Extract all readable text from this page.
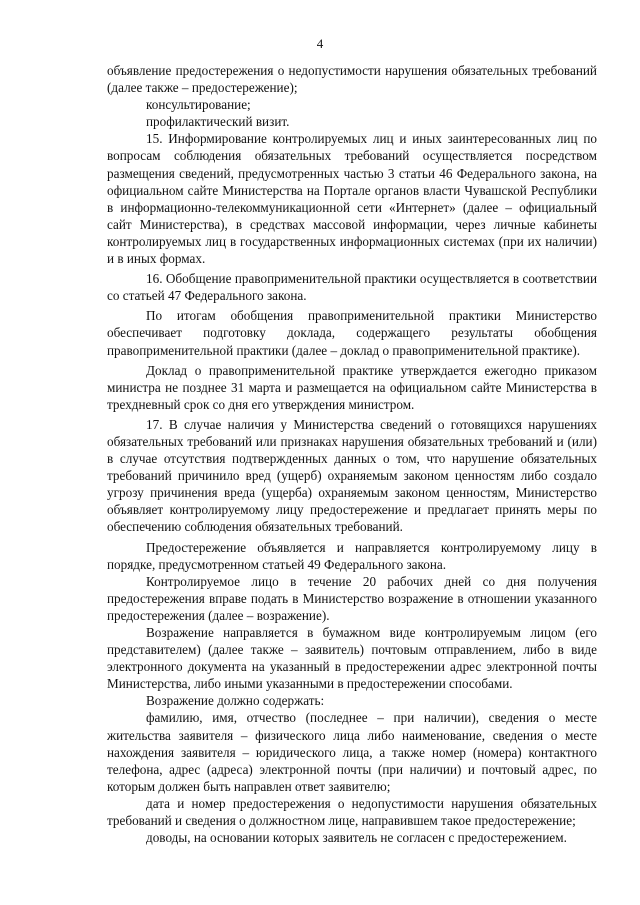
4

объявление предостережения о недопустимости нарушения обязательных требований (далее также – предостережение);

консультирование;

профилактический визит.

15. Информирование контролируемых лиц и иных заинтересованных лиц по вопросам соблюдения обязательных требований осуществляется посредством размещения сведений, предусмотренных частью 3 статьи 46 Федерального закона, на официальном сайте Министерства на Портале органов власти Чувашской Республики в информационно-телекоммуникационной сети «Интернет» (далее – официальный сайт Министерства), в средствах массовой информации, через личные кабинеты контролируемых лиц в государственных информационных системах (при их наличии) и в иных формах.

16. Обобщение правоприменительной практики осуществляется в соответствии со статьей 47 Федерального закона.

По итогам обобщения правоприменительной практики Министерство обеспечивает подготовку доклада, содержащего результаты обобщения правоприменительной практики (далее – доклад о правоприменительной практике).

Доклад о правоприменительной практике утверждается ежегодно приказом министра не позднее 31 марта и размещается на официальном сайте Министерства в трехдневный срок со дня его утверждения министром.

17. В случае наличия у Министерства сведений о готовящихся нарушениях обязательных требований или признаках нарушения обязательных требований и (или) в случае отсутствия подтвержденных данных о том, что нарушение обязательных требований причинило вред (ущерб) охраняемым законом ценностям либо создало угрозу причинения вреда (ущерба) охраняемым законом ценностям, Министерство объявляет контролируемому лицу предостережение и предлагает принять меры по обеспечению соблюдения обязательных требований.

Предостережение объявляется и направляется контролируемому лицу в порядке, предусмотренном статьей 49 Федерального закона.

Контролируемое лицо в течение 20 рабочих дней со дня получения предостережения вправе подать в Министерство возражение в отношении указанного предостережения (далее – возражение).

Возражение направляется в бумажном виде контролируемым лицом (его представителем) (далее также – заявитель) почтовым отправлением, либо в виде электронного документа на указанный в предостережении адрес электронной почты Министерства, либо иными указанными в предостережении способами.

Возражение должно содержать:

фамилию, имя, отчество (последнее – при наличии), сведения о месте жительства заявителя – физического лица либо наименование, сведения о месте нахождения заявителя – юридического лица, а также номер (номера) контактного телефона, адрес (адреса) электронной почты (при наличии) и почтовый адрес, по которым должен быть направлен ответ заявителю;

дата и номер предостережения о недопустимости нарушения обязательных требований и сведения о должностном лице, направившем такое предостережение;

доводы, на основании которых заявитель не согласен с предостережением.
